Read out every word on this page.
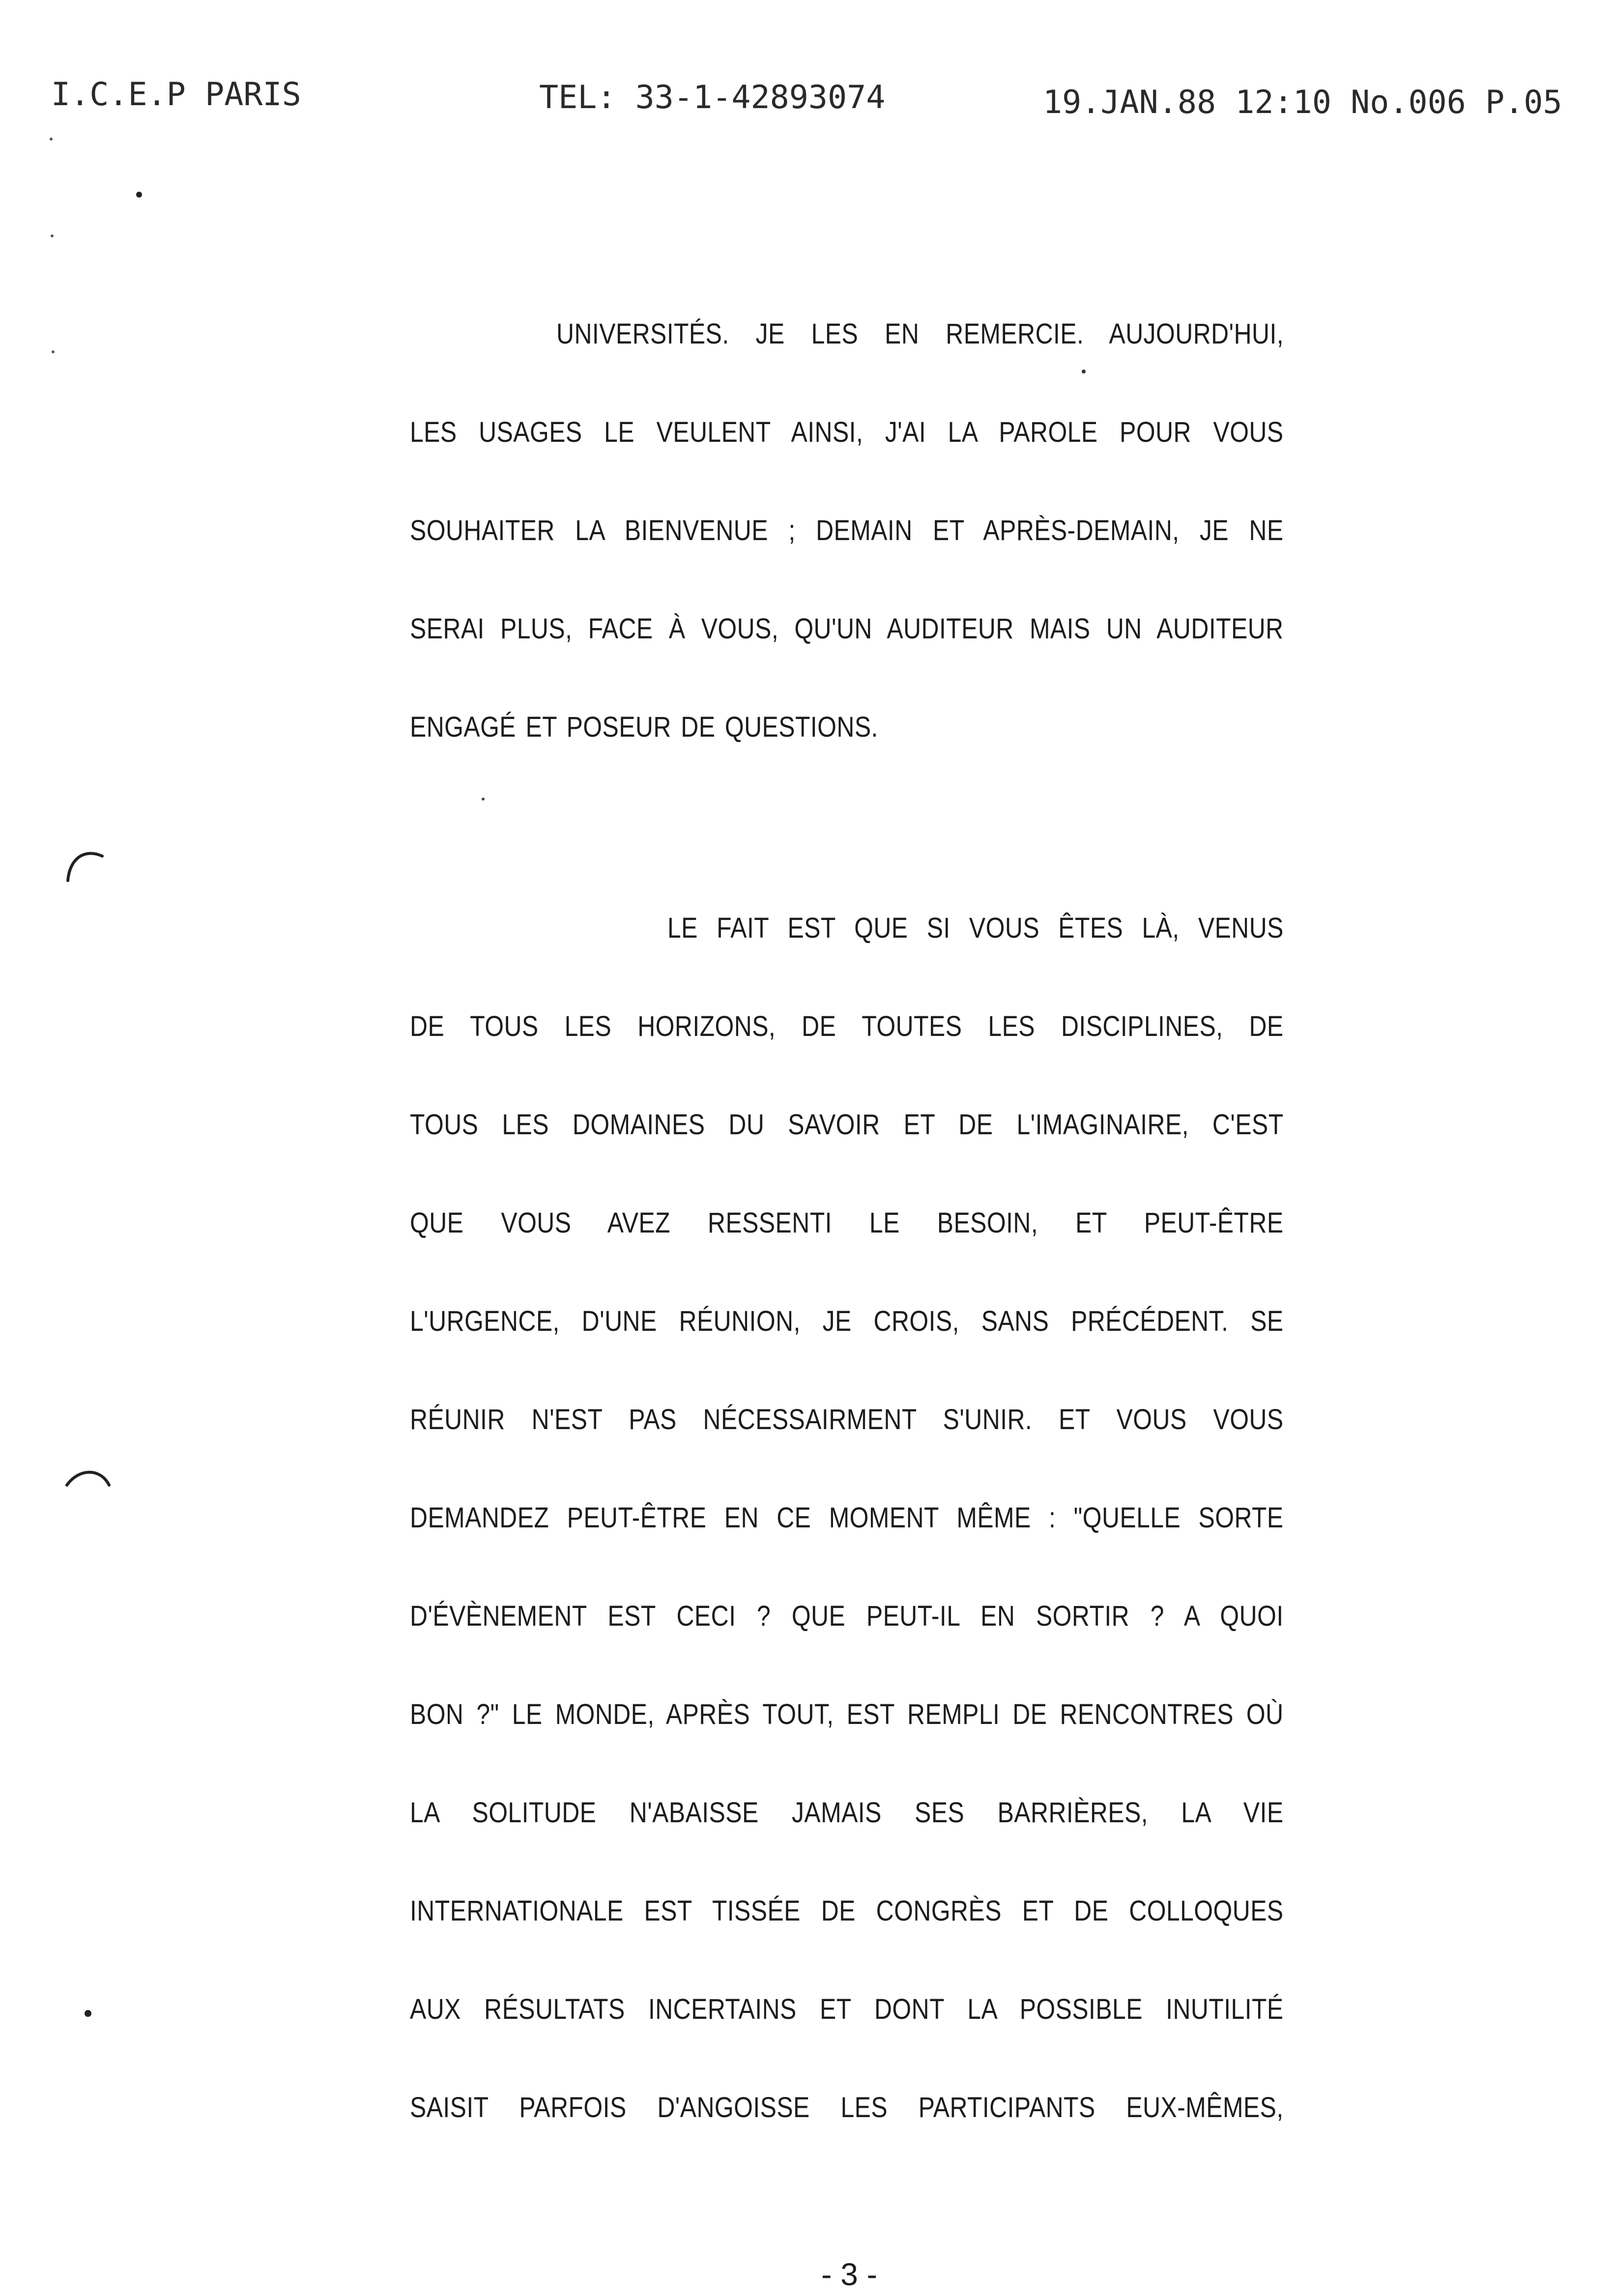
I.C.E.P PARIS	TEL: 33-1-42893074	19.JAN.88 12:10 No.006 P.05
UNIVERSITÉS. JE LES EN REMERCIE. AUJOURD'HUI,
LES USAGES LE VEULENT AINSI, J'AI LA PAROLE POUR VOUS
SOUHAITER LA BIENVENUE ; DEMAIN ET APRÈS-DEMAIN, JE NE
SERAI PLUS, FACE À VOUS, QU'UN AUDITEUR MAIS UN AUDITEUR
ENGAGÉ ET POSEUR DE QUESTIONS.
LE FAIT EST QUE SI VOUS ÊTES LÀ, VENUS
DE TOUS LES HORIZONS, DE TOUTES LES DISCIPLINES, DE
TOUS LES DOMAINES DU SAVOIR ET DE L'IMAGINAIRE, C'EST
QUE VOUS AVEZ RESSENTI LE BESOIN, ET PEUT-ÊTRE
L'URGENCE, D'UNE RÉUNION, JE CROIS, SANS PRÉCÉDENT. SE
RÉUNIR N'EST PAS NÉCESSAIRMENT S'UNIR. ET VOUS VOUS
DEMANDEZ PEUT-ÊTRE EN CE MOMENT MÊME : "QUELLE SORTE
D'ÉVÈNEMENT EST CECI ? QUE PEUT-IL EN SORTIR ? A QUOI
BON ?" LE MONDE, APRÈS TOUT, EST REMPLI DE RENCONTRES OÙ
LA SOLITUDE N'ABAISSE JAMAIS SES BARRIÈRES, LA VIE
INTERNATIONALE EST TISSÉE DE CONGRÈS ET DE COLLOQUES
AUX RÉSULTATS INCERTAINS ET DONT LA POSSIBLE INUTILITÉ
SAISIT PARFOIS D'ANGOISSE LES PARTICIPANTS EUX-MÊMES,
- 3 -
